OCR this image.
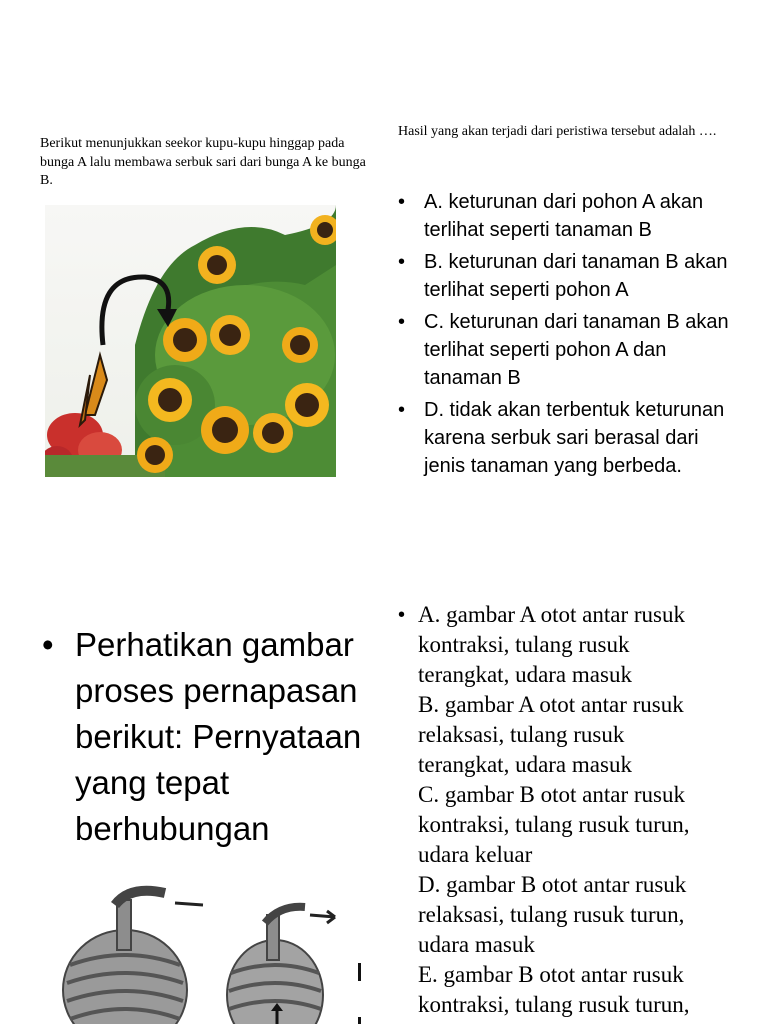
Berikut menunjukkan seekor kupu-kupu hinggap pada bunga A lalu membawa serbuk sari dari bunga A ke bunga B.
Hasil yang akan terjadi dari peristiwa tersebut adalah ….
• A. keturunan dari pohon A akan terlihat seperti tanaman B
• B. keturunan dari tanaman B akan terlihat seperti pohon A
• C. keturunan dari tanaman B akan terlihat seperti pohon A dan tanaman B
• D. tidak akan terbentuk keturunan karena serbuk sari berasal dari jenis tanaman yang berbeda.
• Perhatikan gambar proses pernapasan berikut: Pernyataan yang tepat berhubungan
• A. gambar A otot antar rusuk
kontraksi, tulang rusuk
terangkat, udara masuk
B. gambar A otot antar rusuk
relaksasi, tulang rusuk
terangkat, udara masuk
C. gambar B otot antar rusuk
kontraksi, tulang rusuk turun,
udara keluar
D. gambar B otot antar rusuk
relaksasi, tulang rusuk turun,
udara masuk
E. gambar B otot antar rusuk
kontraksi, tulang rusuk turun,
